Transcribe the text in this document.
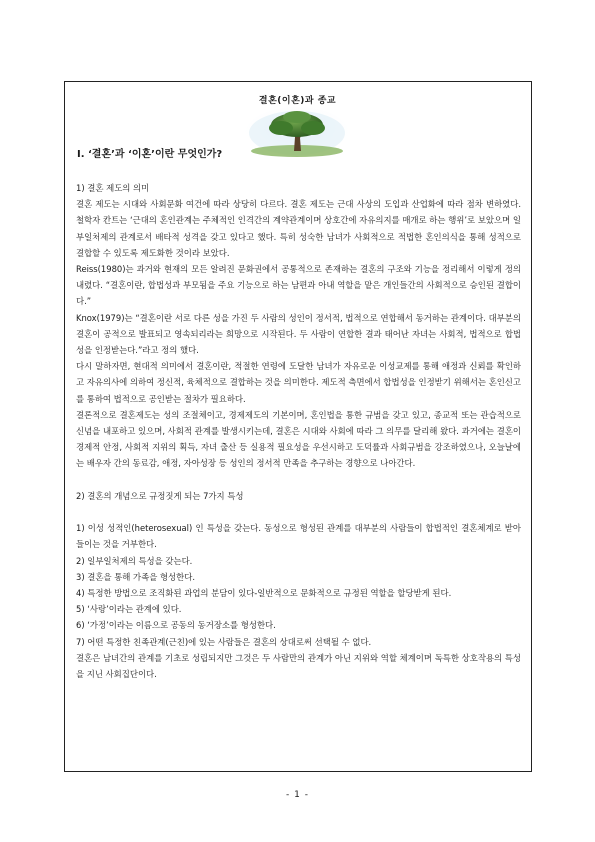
결혼(이혼)과 종교
Ⅰ. ‘결혼’과 ‘이혼’이란 무엇인가?

1) 결혼 제도의 의미

결혼 제도는 시대와 사회문화 여건에 따라 상당히 다르다. 결혼 제도는 근대 사상의 도입과 산업화에 따라 점차 변하였다. 철학자 칸트는 ‘근대의 혼인관계는 주체적인 인격간의 계약관계이며 상호간에 자유의지를 매개로 하는 행위’로 보았으며 일부일처제의 관계로서 배타적 성격을 갖고 있다고 했다. 특히 성숙한 남녀가 사회적으로 적법한 혼인의식을 통해 성적으로 결합할 수 있도록 제도화한 것이라 보았다.

Reiss(1980)는 과거와 현재의 모든 알려진 문화권에서 공통적으로 존재하는 결혼의 구조와 기능을 정리해서 이렇게 정의 내렸다. “결혼이란, 합법성과 부모됨을 주요 기능으로 하는 남편과 아내 역할을 맡은 개인들간의 사회적으로 승인된 결합이다.”

Knox(1979)는 “결혼이란 서로 다른 성을 가진 두 사람의 성인이 정서적, 법적으로 연합해서 동거하는 관계이다. 대부분의 결혼이 공적으로 발표되고 영속되리라는 희망으로 시작된다. 두 사람이 연합한 결과 태어난 자녀는 사회적, 법적으로 합법성을 인정받는다.”라고 정의 했다.

다시 말하자면, 현대적 의미에서 결혼이란, 적절한 연령에 도달한 남녀가 자유로운 이성교제를 통해 애정과 신뢰를 확인하고 자유의사에 의하여 정신적, 육체적으로 결합하는 것을 의미한다. 제도적 측면에서 합법성을 인정받기 위해서는 혼인신고를 통하여 법적으로 공인받는 절차가 필요하다.

결론적으로 결혼제도는 성의 조절체이고, 경제제도의 기본이며, 혼인법을 통한 규범을 갖고 있고, 종교적 또는 관습적으로 신념을 내포하고 있으며, 사회적 관계를 발생시키는데, 결혼은 시대와 사회에 따라 그 의무를 달리해 왔다. 과거에는 결혼이 경제적 안정, 사회적 지위의 획득, 자녀 출산 등 실용적 필요성을 우선시하고 도덕률과 사회규범을 강조하였으나, 오늘날에는 배우자 간의 동료감, 애정, 자아성장 등 성인의 정서적 만족을 추구하는 경향으로 나아간다.

2) 결혼의 개념으로 규정짓게 되는 7가지 특성

1) 이성 성적인(heterosexual) 인 특성을 갖는다. 동성으로 형성된 관계를 대부분의 사람들이 합법적인 결혼체계로 받아들이는 것을 거부한다.

2) 일부일처제의 특성을 갖는다.

3) 결혼을 통해 가족을 형성한다.

4) 특정한 방법으로 조직화된 과업의 분담이 있다-일반적으로 문화적으로 규정된 역할을 할당받게 된다.

5) ‘사랑’이라는 관계에 있다.

6) ‘가정’이라는 이름으로 공동의 동거장소를 형성한다.

7) 어떤 특정한 친족관계(근친)에 있는 사람들은 결혼의 상대로써 선택될 수 없다.

결혼은 남녀간의 관계를 기초로 성립되지만 그것은 두 사람만의 관계가 아닌 지위와 역할 체계이며 독특한 상호작용의 특성을 지닌 사회집단이다.

- 1 -
